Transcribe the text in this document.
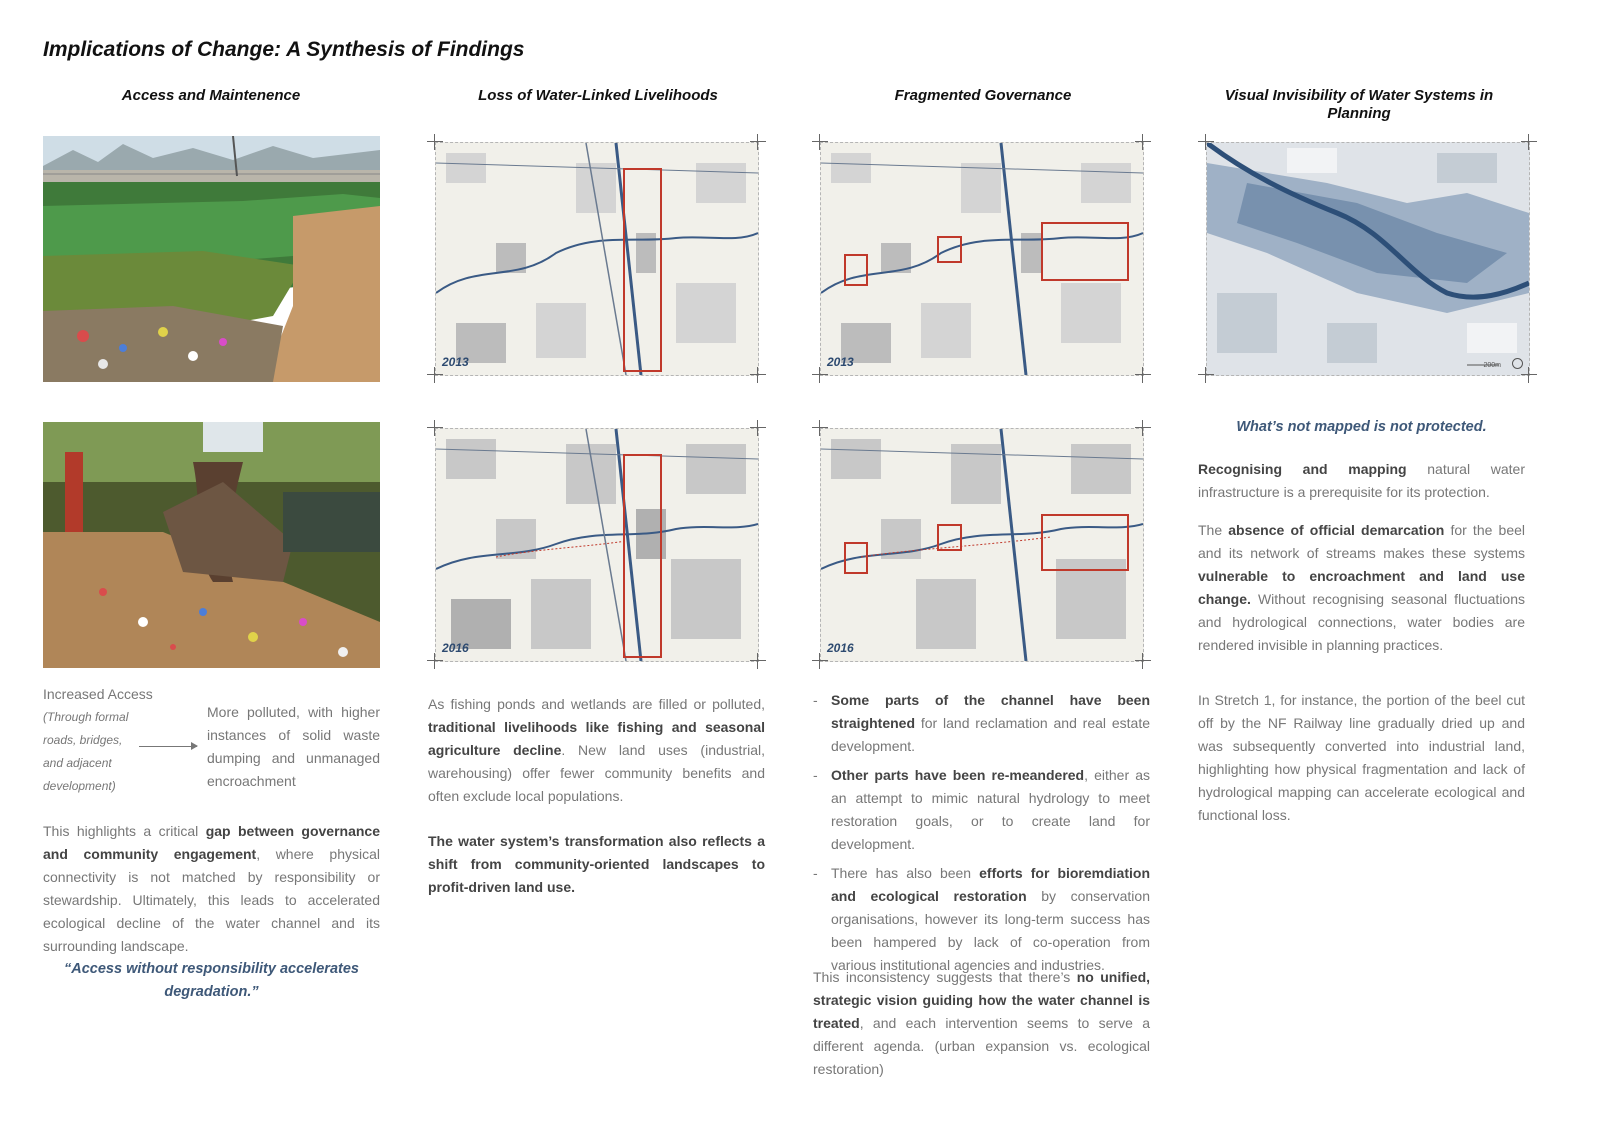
Implications of Change: A Synthesis of Findings
Access and Maintenence	Loss of Water-Linked Livelihoods	Fragmented Governance	Visual Invisibility of Water Systems in Planning
2013
2016
2013
2016
200m
Increased Access
(Through formal
roads, bridges,
and adjacent
development)
More polluted, with higher instances of solid waste dumping and unmanaged encroachment
This highlights a critical gap between governance and community engagement, where physical connectivity is not matched by responsibility or stewardship. Ultimately, this leads to accelerated ecological decline of the water channel and its surrounding landscape.
“Access without responsibility accelerates degradation.”
As fishing ponds and wetlands are filled or polluted, traditional livelihoods like fishing and seasonal agriculture decline. New land uses (industrial, warehousing) offer fewer community benefits and often exclude local populations.
The water system’s transformation also reflects a shift from community-oriented landscapes to profit-driven land use.
- Some parts of the channel have been straightened for land reclamation and real estate development.
- Other parts have been re-meandered, either as an attempt to mimic natural hydrology to meet restoration goals, or to create land for development.
- There has also been efforts for bioremdiation and ecological restoration by conservation organisations, however its long-term success has been hampered by lack of co-operation from various institutional agencies and industries.
This inconsistency suggests that there’s no unified, strategic vision guiding how the water channel is treated, and each intervention seems to serve a different agenda. (urban expansion vs. ecological restoration)
What’s not mapped is not protected.
Recognising and mapping natural water infrastructure is a prerequisite for its protection.
The absence of official demarcation for the beel and its network of streams makes these systems vulnerable to encroachment and land use change. Without recognising seasonal fluctuations and hydrological connections, water bodies are rendered invisible in planning practices.
In Stretch 1, for instance, the portion of the beel cut off by the NF Railway line gradually dried up and was subsequently converted into industrial land, highlighting how physical fragmentation and lack of hydrological mapping can accelerate ecological and functional loss.
